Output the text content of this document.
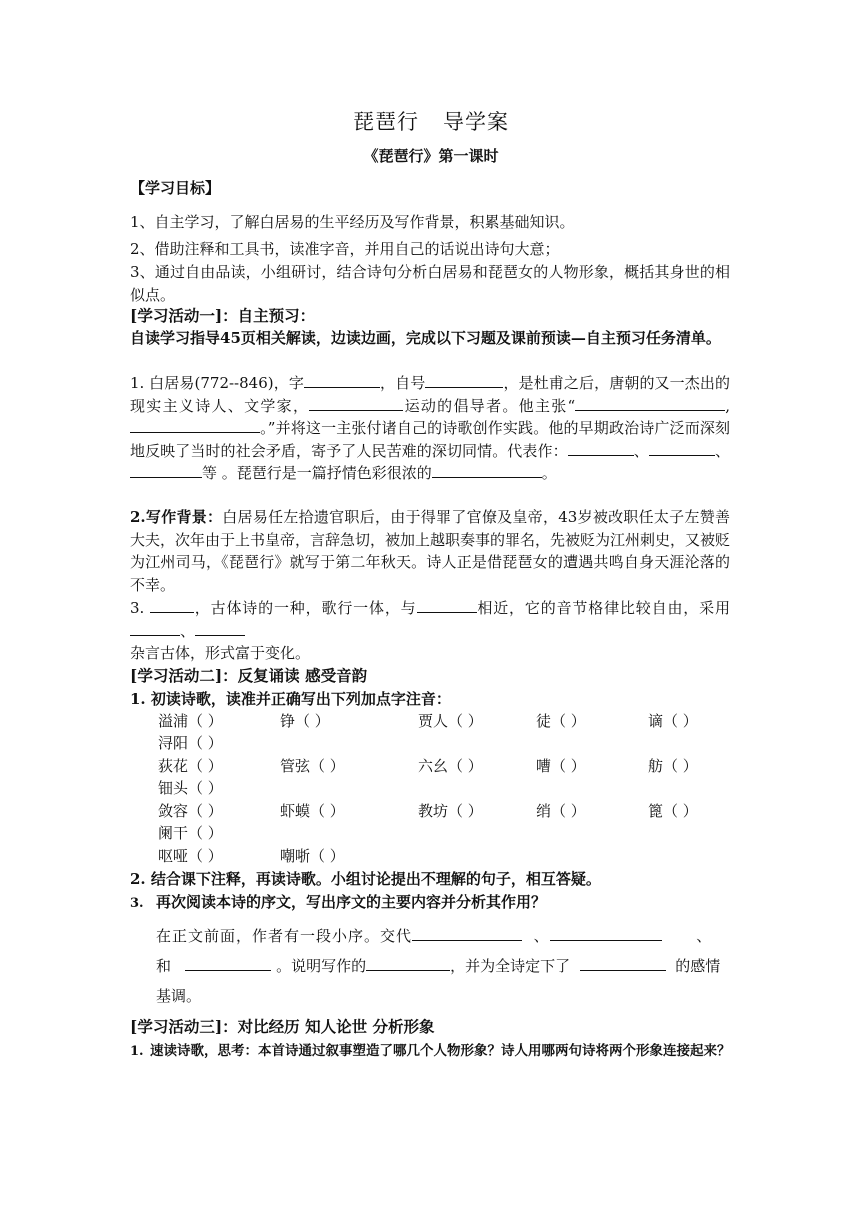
琵琶行 导学案
《琵琶行》第一课时
【学习目标】
1、自主学习，了解白居易的生平经历及写作背景，积累基础知识。
2、借助注释和工具书，读准字音，并用自己的话说出诗句大意；
3、通过自由品读，小组研讨，结合诗句分析白居易和琵琶女的人物形象，概括其身世的相似点。
[学习活动一]：自主预习：
自读学习指导45页相关解读，边读边画，完成以下习题及课前预读—自主预习任务清单。
1. 白居易(772--846)，字	，自号	，是杜甫之后，唐朝的又一杰出的现实主义诗人、文学家，	运动的倡导者。他主张“	,。”并将这一主张付诸自己的诗歌创作实践。他的早期政治诗广泛而深刻地反映了当时的社会矛盾，寄予了人民苦难的深切同情。代表作：	、	、等 。琵琶行是一篇抒情色彩很浓的	。
2.写作背景：白居易任左拾遗官职后，由于得罪了官僚及皇帝，43岁被改职任太子左赞善大夫，次年由于上书皇帝，言辞急切，被加上越职奏事的罪名，先被贬为江州刺史，又被贬为江州司马，《琵琶行》就写于第二年秋天。诗人正是借琵琶女的遭遇共鸣自身天涯沦落的不幸。
3.	，古体诗的一种，歌行一体，与	相近，它的音节格律比较自由，采用、
杂言古体，形式富于变化。
[学习活动二]：反复诵读 感受音韵
1. 初读诗歌，读准并正确写出下列加点字注音：
溢浦（ ）	铮（ ）	贾人（ ）	徒（ ）	谪（ ）
浔阳（ ）
荻花（ ）	管弦（ ）	六幺（ ）	嘈（ ）	舫（ ）
钿头（ ）
敛容（ ）	虾蟆（ ）	教坊（ ）	绡（ ）	篦（ ）
阑干（ ）
呕哑（ ）	嘲哳（ ）
2. 结合课下注释，再读诗歌。小组讨论提出不理解的句子，相互答疑。
3. 再次阅读本诗的序文，写出序文的主要内容并分析其作用？
在正文前面，作者有一段小序。交代	、	、
和	。说明写作的	，并为全诗定下了	的感情
基调。
[学习活动三]：对比经历 知人论世 分析形象
1. 速读诗歌，思考：本首诗通过叙事塑造了哪几个人物形象？诗人用哪两句诗将两个形象连接起来？
